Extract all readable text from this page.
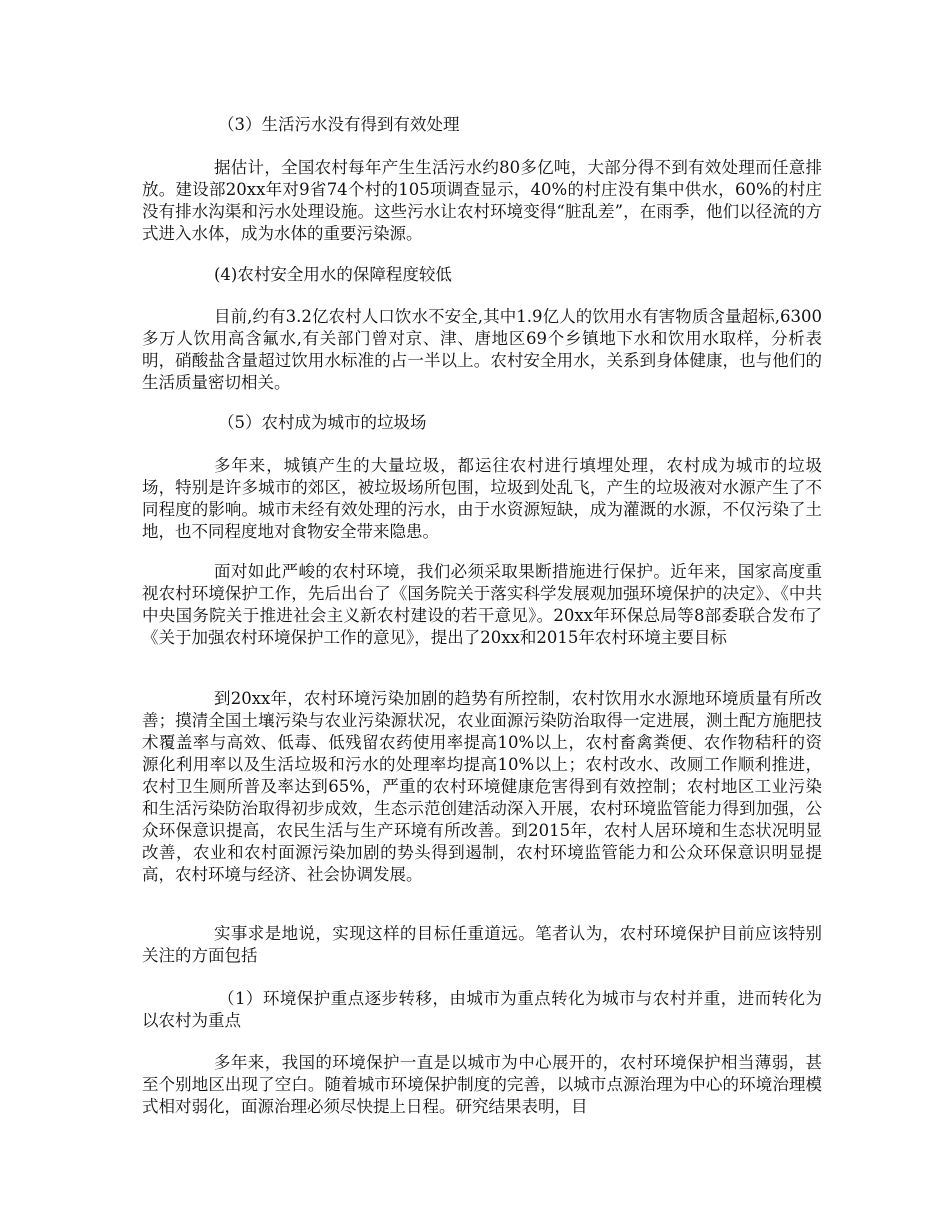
（3）生活污水没有得到有效处理

据估计，全国农村每年产生生活污水约80多亿吨，大部分得不到有效处理而任意排放。建设部20xx年对9省74个村的105项调查显示，40%的村庄没有集中供水，60%的村庄没有排水沟渠和污水处理设施。这些污水让农村环境变得“脏乱差”，在雨季，他们以径流的方式进入水体，成为水体的重要污染源。

(4)农村安全用水的保障程度较低

目前,约有3.2亿农村人口饮水不安全,其中1.9亿人的饮用水有害物质含量超标,6300多万人饮用高含氟水,有关部门曾对京、津、唐地区69个乡镇地下水和饮用水取样，分析表明，硝酸盐含量超过饮用水标准的占一半以上。农村安全用水，关系到身体健康，也与他们的生活质量密切相关。

（5）农村成为城市的垃圾场

多年来，城镇产生的大量垃圾，都运往农村进行填埋处理，农村成为城市的垃圾场，特别是许多城市的郊区，被垃圾场所包围，垃圾到处乱飞，产生的垃圾液对水源产生了不同程度的影响。城市未经有效处理的污水，由于水资源短缺，成为灌溉的水源，不仅污染了土地，也不同程度地对食物安全带来隐患。

面对如此严峻的农村环境，我们必须采取果断措施进行保护。近年来，国家高度重视农村环境保护工作，先后出台了《国务院关于落实科学发展观加强环境保护的决定》、《中共中央国务院关于推进社会主义新农村建设的若干意见》。20xx年环保总局等8部委联合发布了《关于加强农村环境保护工作的意见》，提出了20xx和2015年农村环境主要目标

到20xx年，农村环境污染加剧的趋势有所控制，农村饮用水水源地环境质量有所改善；摸清全国土壤污染与农业污染源状况，农业面源污染防治取得一定进展，测土配方施肥技术覆盖率与高效、低毒、低残留农药使用率提高10%以上，农村畜禽粪便、农作物秸秆的资源化利用率以及生活垃圾和污水的处理率均提高10%以上；农村改水、改厕工作顺利推进，农村卫生厕所普及率达到65%，严重的农村环境健康危害得到有效控制；农村地区工业污染和生活污染防治取得初步成效，生态示范创建活动深入开展，农村环境监管能力得到加强，公众环保意识提高，农民生活与生产环境有所改善。到2015年，农村人居环境和生态状况明显改善，农业和农村面源污染加剧的势头得到遏制，农村环境监管能力和公众环保意识明显提高，农村环境与经济、社会协调发展。

实事求是地说，实现这样的目标任重道远。笔者认为，农村环境保护目前应该特别关注的方面包括

（1）环境保护重点逐步转移，由城市为重点转化为城市与农村并重，进而转化为以农村为重点

多年来，我国的环境保护一直是以城市为中心展开的，农村环境保护相当薄弱，甚至个别地区出现了空白。随着城市环境保护制度的完善，以城市点源治理为中心的环境治理模式相对弱化，面源治理必须尽快提上日程。研究结果表明，目
